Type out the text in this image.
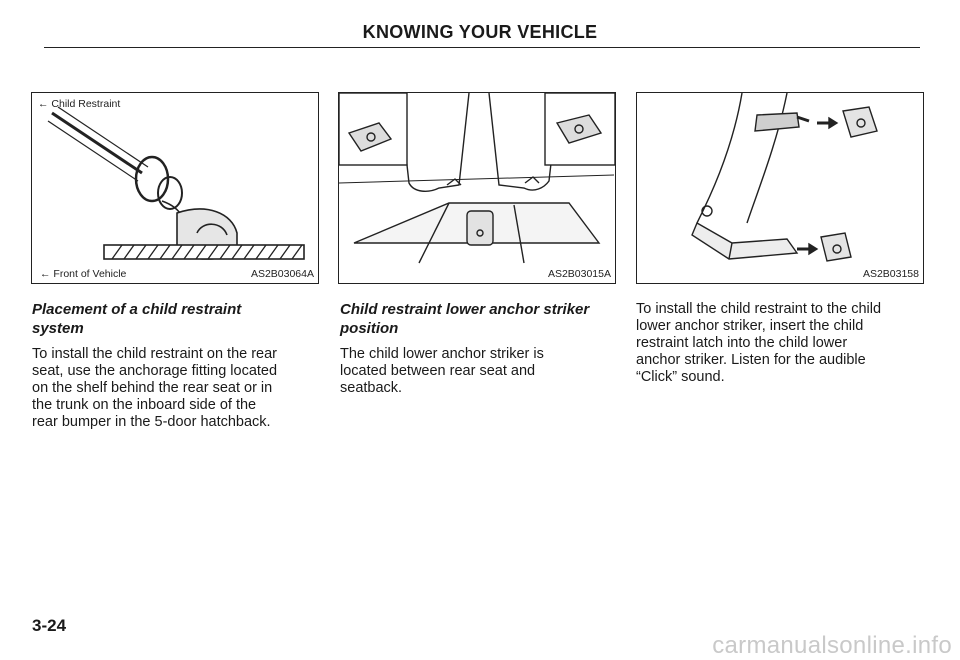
KNOWING YOUR VEHICLE
← Child Restraint
← Front of Vehicle	AS2B03064A	AS2B03015A	AS2B03158
Placement of a child restraint
system
To install the child restraint on the rear
seat, use the anchorage fitting located
on the shelf behind the rear seat or in
the trunk on the inboard side of the
rear bumper in the 5-door hatchback.
Child restraint lower anchor striker
position
The child lower anchor striker is
located between rear seat and
seatback.
To install the child restraint to the child
lower anchor striker, insert the child
restraint latch into the child lower
anchor striker. Listen for the audible
“Click” sound.
3-24
carmanualsonline.info
